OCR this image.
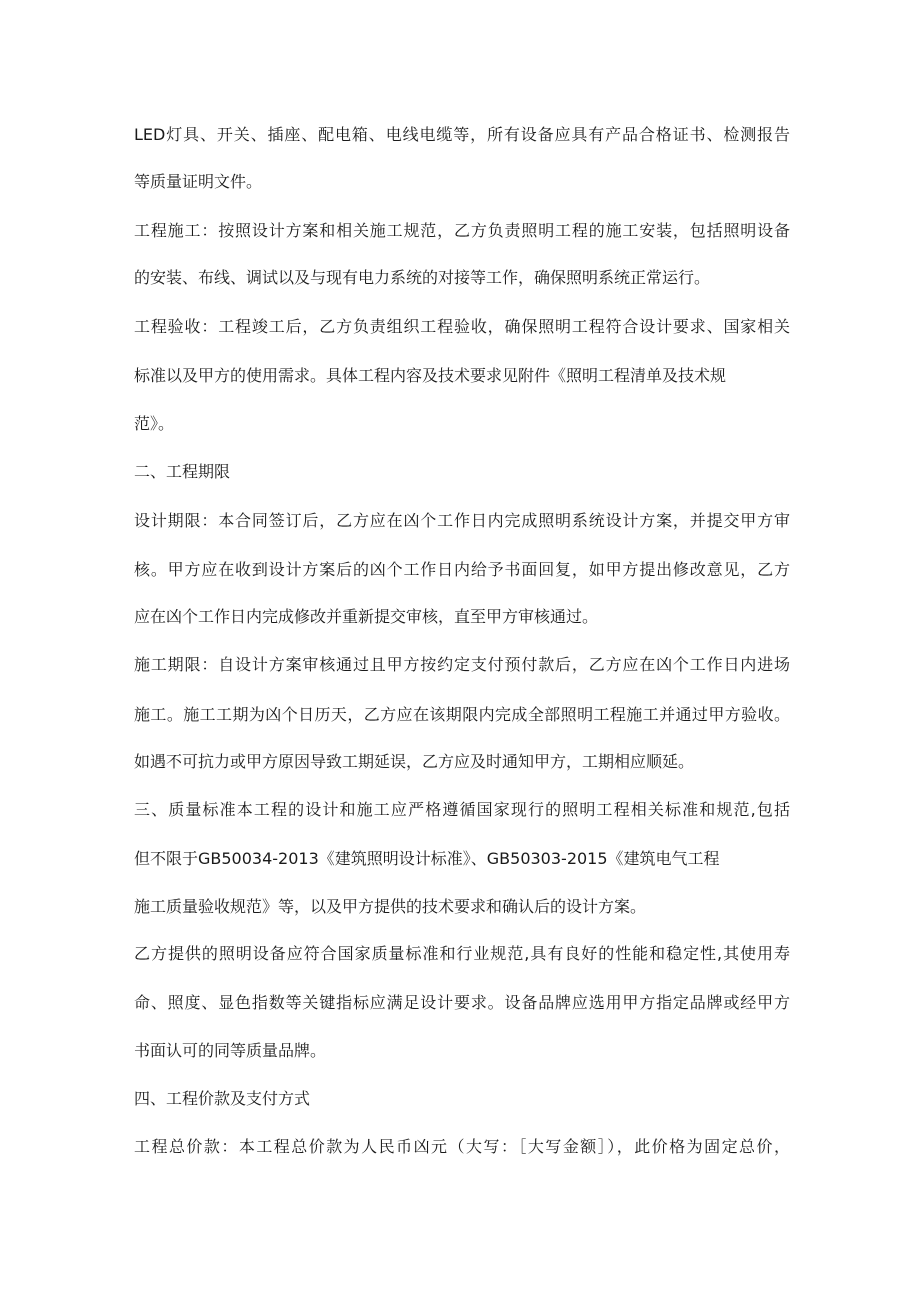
LED灯具、开关、插座、配电箱、电线电缆等，所有设备应具有产品合格证书、检测报告
等质量证明文件。
工程施工：按照设计方案和相关施工规范，乙方负责照明工程的施工安装，包括照明设备
的安装、布线、调试以及与现有电力系统的对接等工作，确保照明系统正常运行。
工程验收：工程竣工后，乙方负责组织工程验收，确保照明工程符合设计要求、国家相关
标准以及甲方的使用需求。具体工程内容及技术要求见附件《照明工程清单及技术规
范》。
二、工程期限
设计期限：本合同签订后，乙方应在凶个工作日内完成照明系统设计方案，并提交甲方审
核。甲方应在收到设计方案后的凶个工作日内给予书面回复，如甲方提出修改意见，乙方
应在凶个工作日内完成修改并重新提交审核，直至甲方审核通过。
施工期限：自设计方案审核通过且甲方按约定支付预付款后，乙方应在凶个工作日内进场
施工。施工工期为凶个日历天，乙方应在该期限内完成全部照明工程施工并通过甲方验收。
如遇不可抗力或甲方原因导致工期延误，乙方应及时通知甲方，工期相应顺延。
三、质量标准本工程的设计和施工应严格遵循国家现行的照明工程相关标准和规范,包括
但不限于GB50034-2013《建筑照明设计标准》、GB50303-2015《建筑电气工程
施工质量验收规范》等，以及甲方提供的技术要求和确认后的设计方案。
乙方提供的照明设备应符合国家质量标准和行业规范,具有良好的性能和稳定性,其使用寿
命、照度、显色指数等关键指标应满足设计要求。设备品牌应选用甲方指定品牌或经甲方
书面认可的同等质量品牌。
四、工程价款及支付方式
工程总价款：本工程总价款为人民币凶元（大写：［大写金额］），此价格为固定总价，
